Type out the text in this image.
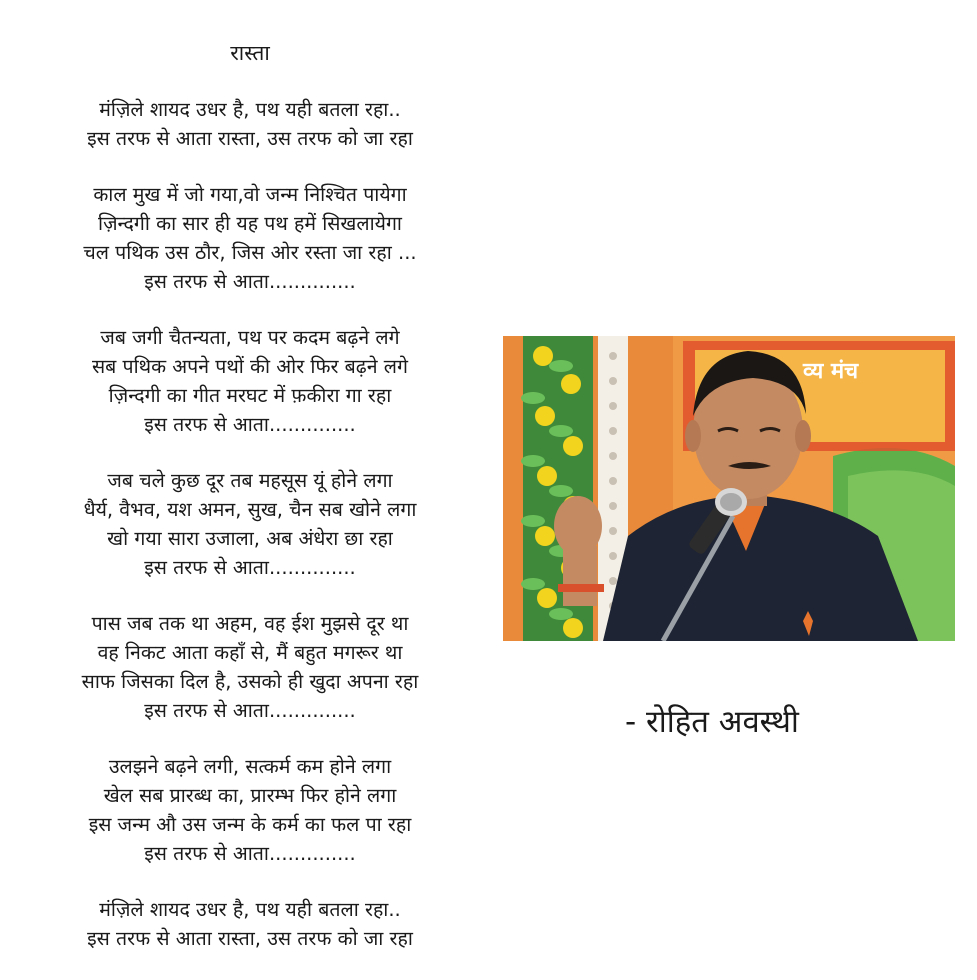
रास्ता
मंज़िले शायद उधर है, पथ यही बतला रहा..
इस तरफ से आता रास्ता, उस तरफ को जा रहा
काल मुख में जो गया,वो जन्म निश्चित पायेगा
ज़िन्दगी का सार ही यह पथ हमें सिखलायेगा
चल पथिक उस ठौर, जिस ओर रस्ता जा रहा ...
इस तरफ से आता..............
जब जगी चैतन्यता, पथ पर कदम बढ़ने लगे
सब पथिक अपने पथों की ओर फिर बढ़ने लगे
ज़िन्दगी का गीत मरघट में फ़कीरा गा रहा
इस तरफ से आता..............
जब चले कुछ दूर तब महसूस यूं होने लगा
धैर्य, वैभव, यश अमन, सुख, चैन सब खोने लगा
खो गया सारा उजाला, अब अंधेरा छा रहा
इस तरफ से आता..............
पास जब तक था अहम, वह ईश मुझसे दूर था
वह निकट आता कहाँ से, मैं बहुत मगरूर था
साफ जिसका दिल है, उसको ही खुदा अपना रहा
इस तरफ से आता..............
उलझने बढ़ने लगी, सत्कर्म कम होने लगा
खेल सब प्रारब्ध का, प्रारम्भ फिर होने लगा
इस जन्म औ उस जन्म के कर्म का फल पा रहा
इस तरफ से आता..............
मंज़िले शायद उधर है, पथ यही बतला रहा..
इस तरफ से आता रास्ता, उस तरफ को जा रहा
व्य मंच
- रोहित अवस्थी
